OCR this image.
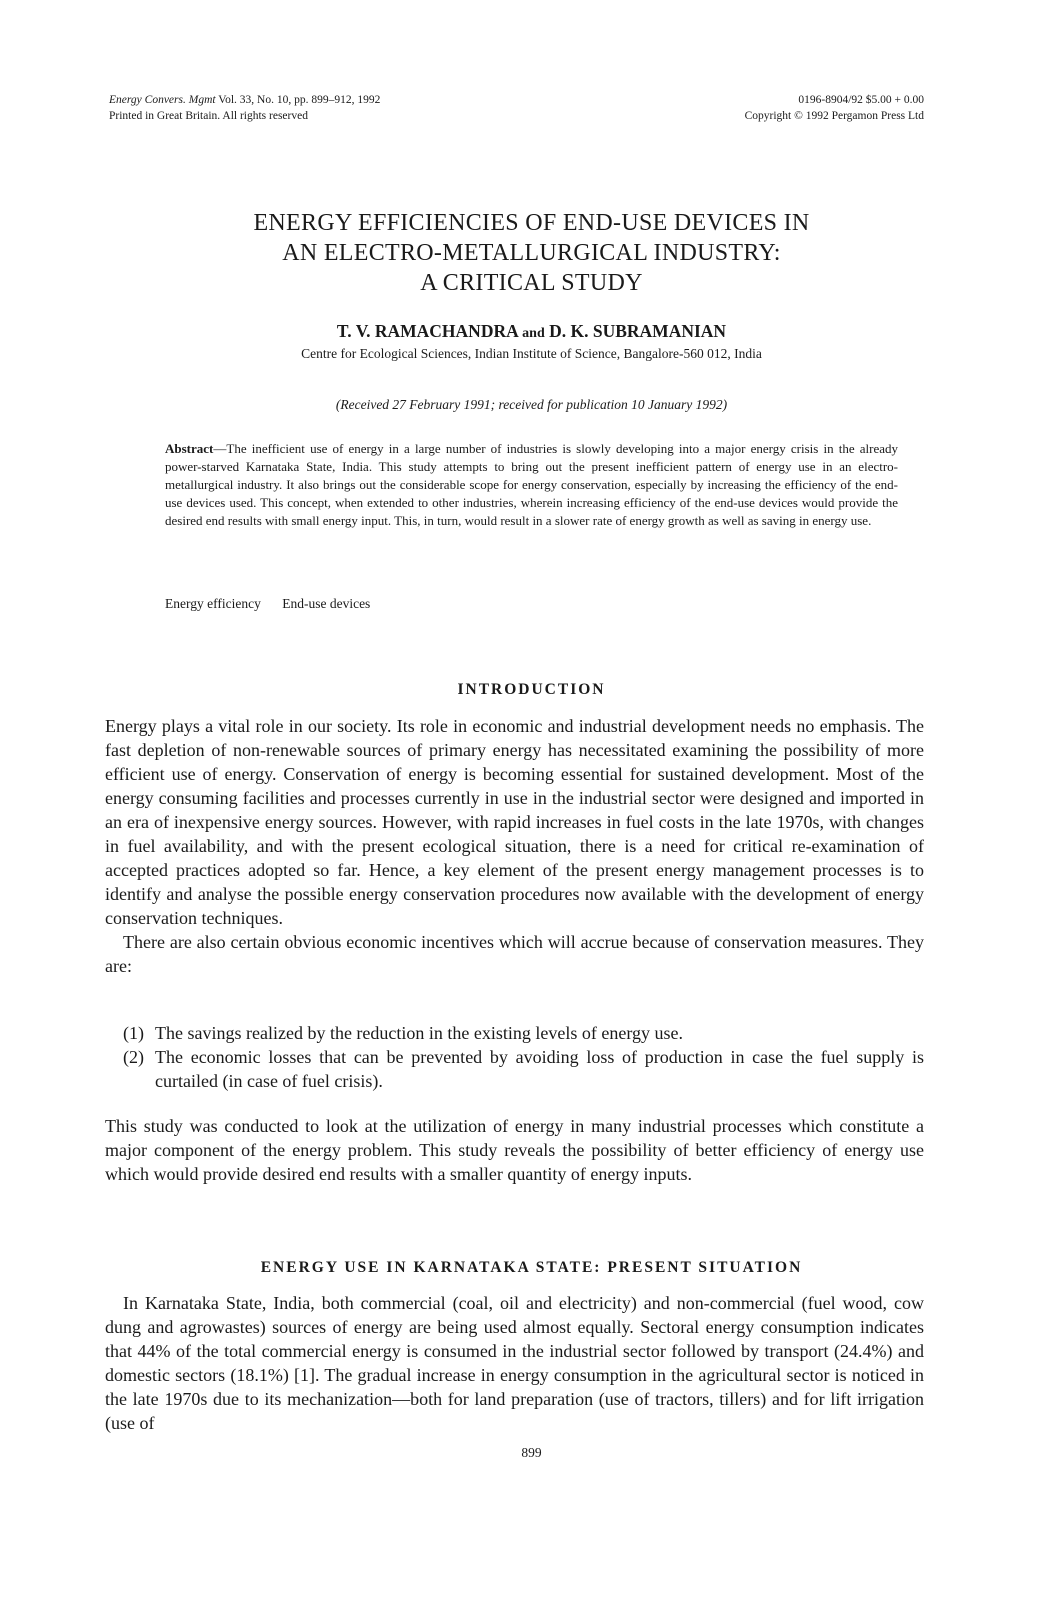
Energy Convers. Mgmt Vol. 33, No. 10, pp. 899–912, 1992
Printed in Great Britain. All rights reserved
0196-8904/92 $5.00 + 0.00
Copyright © 1992 Pergamon Press Ltd
ENERGY EFFICIENCIES OF END-USE DEVICES IN
AN ELECTRO-METALLURGICAL INDUSTRY:
A CRITICAL STUDY
T. V. RAMACHANDRA and D. K. SUBRAMANIAN
Centre for Ecological Sciences, Indian Institute of Science, Bangalore-560 012, India
(Received 27 February 1991; received for publication 10 January 1992)
Abstract—The inefficient use of energy in a large number of industries is slowly developing into a major energy crisis in the already power-starved Karnataka State, India. This study attempts to bring out the present inefficient pattern of energy use in an electro-metallurgical industry. It also brings out the considerable scope for energy conservation, especially by increasing the efficiency of the end-use devices used. This concept, when extended to other industries, wherein increasing efficiency of the end-use devices would provide the desired end results with small energy input. This, in turn, would result in a slower rate of energy growth as well as saving in energy use.
Energy efficiency End-use devices
INTRODUCTION

Energy plays a vital role in our society. Its role in economic and industrial development needs no emphasis. The fast depletion of non-renewable sources of primary energy has necessitated examining the possibility of more efficient use of energy. Conservation of energy is becoming essential for sustained development. Most of the energy consuming facilities and processes currently in use in the industrial sector were designed and imported in an era of inexpensive energy sources. However, with rapid increases in fuel costs in the late 1970s, with changes in fuel availability, and with the present ecological situation, there is a need for critical re-examination of accepted practices adopted so far. Hence, a key element of the present energy management processes is to identify and analyse the possible energy conservation procedures now available with the development of energy conservation techniques.

There are also certain obvious economic incentives which will accrue because of conservation measures. They are:

(1) The savings realized by the reduction in the existing levels of energy use.
(2) The economic losses that can be prevented by avoiding loss of production in case the fuel supply is curtailed (in case of fuel crisis).

This study was conducted to look at the utilization of energy in many industrial processes which constitute a major component of the energy problem. This study reveals the possibility of better efficiency of energy use which would provide desired end results with a smaller quantity of energy inputs.

ENERGY USE IN KARNATAKA STATE: PRESENT SITUATION

In Karnataka State, India, both commercial (coal, oil and electricity) and non-commercial (fuel wood, cow dung and agrowastes) sources of energy are being used almost equally. Sectoral energy consumption indicates that 44% of the total commercial energy is consumed in the industrial sector followed by transport (24.4%) and domestic sectors (18.1%) [1]. The gradual increase in energy consumption in the agricultural sector is noticed in the late 1970s due to its mechanization—both for land preparation (use of tractors, tillers) and for lift irrigation (use of

899
